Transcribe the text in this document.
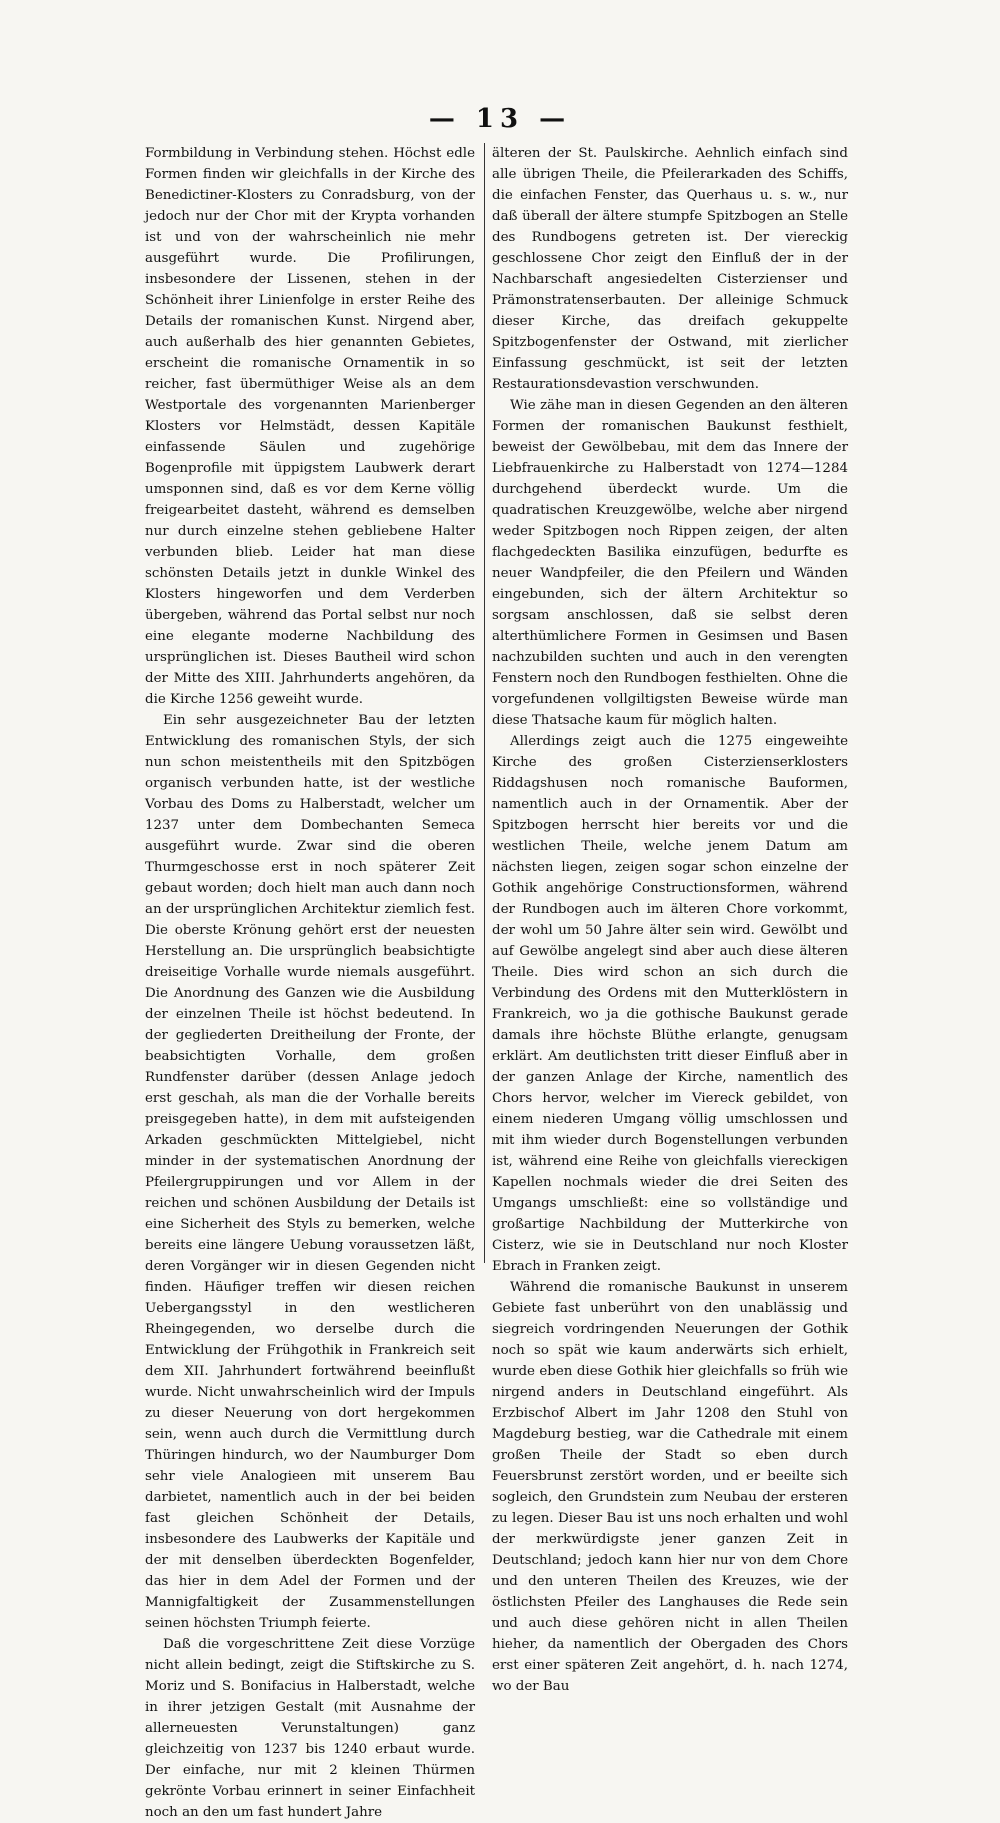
— 13 —

Formbildung in Verbindung stehen. Höchst edle Formen finden wir gleichfalls in der Kirche des Benedictiner-Klosters zu Conradsburg, von der jedoch nur der Chor mit der Krypta vorhanden ist und von der wahrscheinlich nie mehr ausgeführt wurde. Die Profilirungen, insbesondere der Lissenen, stehen in der Schönheit ihrer Linienfolge in erster Reihe des Details der romanischen Kunst. Nirgend aber, auch außerhalb des hier genannten Gebietes, erscheint die romanische Ornamentik in so reicher, fast übermüthiger Weise als an dem Westportale des vorgenannten Marienberger Klosters vor Helmstädt, dessen Kapitäle einfassende Säulen und zugehörige Bogenprofile mit üppigstem Laubwerk derart umsponnen sind, daß es vor dem Kerne völlig freigearbeitet dasteht, während es demselben nur durch einzelne stehen gebliebene Halter verbunden blieb. Leider hat man diese schönsten Details jetzt in dunkle Winkel des Klosters hingeworfen und dem Verderben übergeben, während das Portal selbst nur noch eine elegante moderne Nachbildung des ursprünglichen ist. Dieses Bautheil wird schon der Mitte des XIII. Jahrhunderts angehören, da die Kirche 1256 geweiht wurde.

Ein sehr ausgezeichneter Bau der letzten Entwicklung des romanischen Styls, der sich nun schon meistentheils mit den Spitzbögen organisch verbunden hatte, ist der westliche Vorbau des Doms zu Halberstadt, welcher um 1237 unter dem Dombechanten Semeca ausgeführt wurde. Zwar sind die oberen Thurmgeschosse erst in noch späterer Zeit gebaut worden; doch hielt man auch dann noch an der ursprünglichen Architektur ziemlich fest. Die oberste Krönung gehört erst der neuesten Herstellung an. Die ursprünglich beabsichtigte dreiseitige Vorhalle wurde niemals ausgeführt. Die Anordnung des Ganzen wie die Ausbildung der einzelnen Theile ist höchst bedeutend. In der gegliederten Dreitheilung der Fronte, der beabsichtigten Vorhalle, dem großen Rundfenster darüber (dessen Anlage jedoch erst geschah, als man die der Vorhalle bereits preisgegeben hatte), in dem mit aufsteigenden Arkaden geschmückten Mittelgiebel, nicht minder in der systematischen Anordnung der Pfeilergruppirungen und vor Allem in der reichen und schönen Ausbildung der Details ist eine Sicherheit des Styls zu bemerken, welche bereits eine längere Uebung voraussetzen läßt, deren Vorgänger wir in diesen Gegenden nicht finden. Häufiger treffen wir diesen reichen Uebergangsstyl in den westlicheren Rheingegenden, wo derselbe durch die Entwicklung der Frühgothik in Frankreich seit dem XII. Jahrhundert fortwährend beeinflußt wurde. Nicht unwahrscheinlich wird der Impuls zu dieser Neuerung von dort hergekommen sein, wenn auch durch die Vermittlung durch Thüringen hindurch, wo der Naumburger Dom sehr viele Analogieen mit unserem Bau darbietet, namentlich auch in der bei beiden fast gleichen Schönheit der Details, insbesondere des Laubwerks der Kapitäle und der mit denselben überdeckten Bogenfelder, das hier in dem Adel der Formen und der Mannigfaltigkeit der Zusammenstellungen seinen höchsten Triumph feierte.

Daß die vorgeschrittene Zeit diese Vorzüge nicht allein bedingt, zeigt die Stiftskirche zu S. Moriz und S. Bonifacius in Halberstadt, welche in ihrer jetzigen Gestalt (mit Ausnahme der allerneuesten Verunstaltungen) ganz gleichzeitig von 1237 bis 1240 erbaut wurde. Der einfache, nur mit 2 kleinen Thürmen gekrönte Vorbau erinnert in seiner Einfachheit noch an den um fast hundert Jahre

älteren der St. Paulskirche. Aehnlich einfach sind alle übrigen Theile, die Pfeilerarkaden des Schiffs, die einfachen Fenster, das Querhaus u. s. w., nur daß überall der ältere stumpfe Spitzbogen an Stelle des Rundbogens getreten ist. Der viereckig geschlossene Chor zeigt den Einfluß der in der Nachbarschaft angesiedelten Cisterzienser und Prämonstratenserbauten. Der alleinige Schmuck dieser Kirche, das dreifach gekuppelte Spitzbogenfenster der Ostwand, mit zierlicher Einfassung geschmückt, ist seit der letzten Restaurationsdevastion verschwunden.

Wie zähe man in diesen Gegenden an den älteren Formen der romanischen Baukunst festhielt, beweist der Gewölbebau, mit dem das Innere der Liebfrauenkirche zu Halberstadt von 1274—1284 durchgehend überdeckt wurde. Um die quadratischen Kreuzgewölbe, welche aber nirgend weder Spitzbogen noch Rippen zeigen, der alten flachgedeckten Basilika einzufügen, bedurfte es neuer Wandpfeiler, die den Pfeilern und Wänden eingebunden, sich der ältern Architektur so sorgsam anschlossen, daß sie selbst deren alterthümlichere Formen in Gesimsen und Basen nachzubilden suchten und auch in den verengten Fenstern noch den Rundbogen festhielten. Ohne die vorgefundenen vollgiltigsten Beweise würde man diese Thatsache kaum für möglich halten.

Allerdings zeigt auch die 1275 eingeweihte Kirche des großen Cisterzienserklosters Riddagshusen noch romanische Bauformen, namentlich auch in der Ornamentik. Aber der Spitzbogen herrscht hier bereits vor und die westlichen Theile, welche jenem Datum am nächsten liegen, zeigen sogar schon einzelne der Gothik angehörige Constructionsformen, während der Rundbogen auch im älteren Chore vorkommt, der wohl um 50 Jahre älter sein wird. Gewölbt und auf Gewölbe angelegt sind aber auch diese älteren Theile. Dies wird schon an sich durch die Verbindung des Ordens mit den Mutterklöstern in Frankreich, wo ja die gothische Baukunst gerade damals ihre höchste Blüthe erlangte, genugsam erklärt. Am deutlichsten tritt dieser Einfluß aber in der ganzen Anlage der Kirche, namentlich des Chors hervor, welcher im Viereck gebildet, von einem niederen Umgang völlig umschlossen und mit ihm wieder durch Bogenstellungen verbunden ist, während eine Reihe von gleichfalls viereckigen Kapellen nochmals wieder die drei Seiten des Umgangs umschließt: eine so vollständige und großartige Nachbildung der Mutterkirche von Cisterz, wie sie in Deutschland nur noch Kloster Ebrach in Franken zeigt.

Während die romanische Baukunst in unserem Gebiete fast unberührt von den unablässig und siegreich vordringenden Neuerungen der Gothik noch so spät wie kaum anderwärts sich erhielt, wurde eben diese Gothik hier gleichfalls so früh wie nirgend anders in Deutschland eingeführt. Als Erzbischof Albert im Jahr 1208 den Stuhl von Magdeburg bestieg, war die Cathedrale mit einem großen Theile der Stadt so eben durch Feuersbrunst zerstört worden, und er beeilte sich sogleich, den Grundstein zum Neubau der ersteren zu legen. Dieser Bau ist uns noch erhalten und wohl der merkwürdigste jener ganzen Zeit in Deutschland; jedoch kann hier nur von dem Chore und den unteren Theilen des Kreuzes, wie der östlichsten Pfeiler des Langhauses die Rede sein und auch diese gehören nicht in allen Theilen hieher, da namentlich der Obergaden des Chors erst einer späteren Zeit angehört, d. h. nach 1274, wo der Bau
